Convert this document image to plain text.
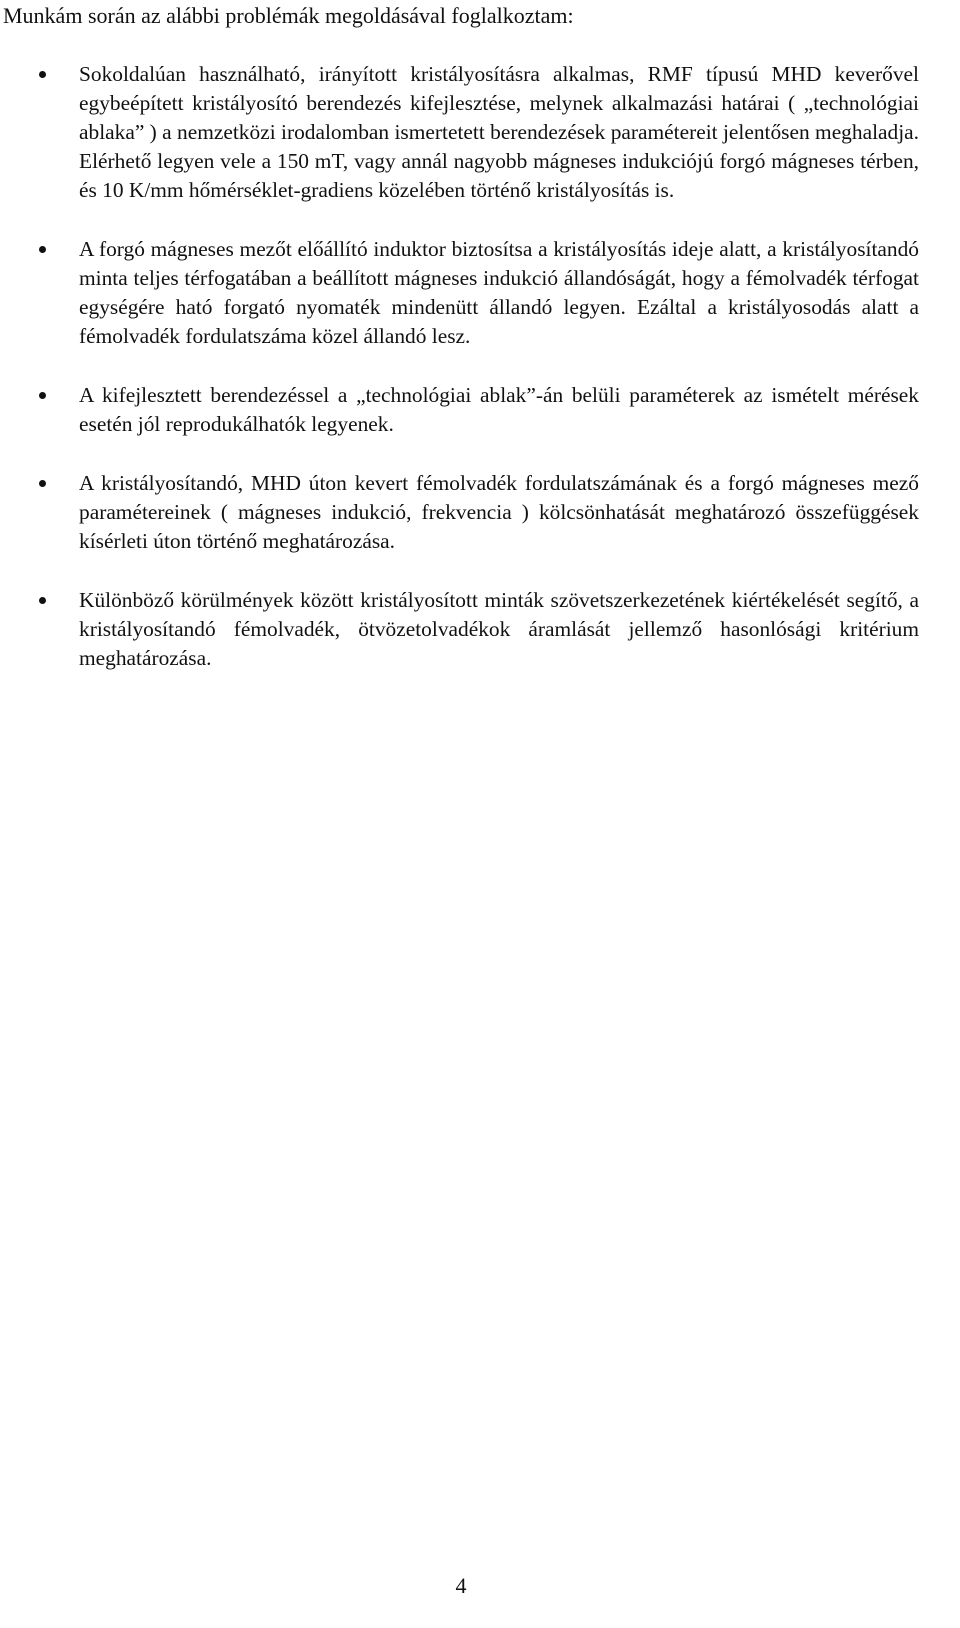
Munkám során az alábbi problémák megoldásával foglalkoztam:

Sokoldalúan használható, irányított kristályosításra alkalmas, RMF típusú MHD keverővel egybeépített kristályosító berendezés kifejlesztése, melynek alkalmazási határai ( „technológiai ablaka” ) a nemzetközi irodalomban ismertetett berendezések paramétereit jelentősen meghaladja. Elérhető legyen vele a 150 mT, vagy annál nagyobb mágneses indukciójú forgó mágneses térben, és 10 K/mm hőmérséklet-gradiens közelében történő kristályosítás is.
A forgó mágneses mezőt előállító induktor biztosítsa a kristályosítás ideje alatt, a kristályosítandó minta teljes térfogatában a beállított mágneses indukció állandóságát, hogy a fémolvadék térfogat egységére ható forgató nyomaték mindenütt állandó legyen. Ezáltal a kristályosodás alatt a fémolvadék fordulatszáma közel állandó lesz.
A kifejlesztett berendezéssel a „technológiai ablak”-án belüli paraméterek az ismételt mérések esetén jól reprodukálhatók legyenek.
A kristályosítandó, MHD úton kevert fémolvadék fordulatszámának és a forgó mágneses mező paramétereinek ( mágneses indukció, frekvencia ) kölcsönhatását meghatározó összefüggések kísérleti úton történő meghatározása.
Különböző körülmények között kristályosított minták szövetszerkezetének kiértékelését segítő, a kristályosítandó fémolvadék, ötvözetolvadékok áramlását jellemző hasonlósági kritérium meghatározása.
4
